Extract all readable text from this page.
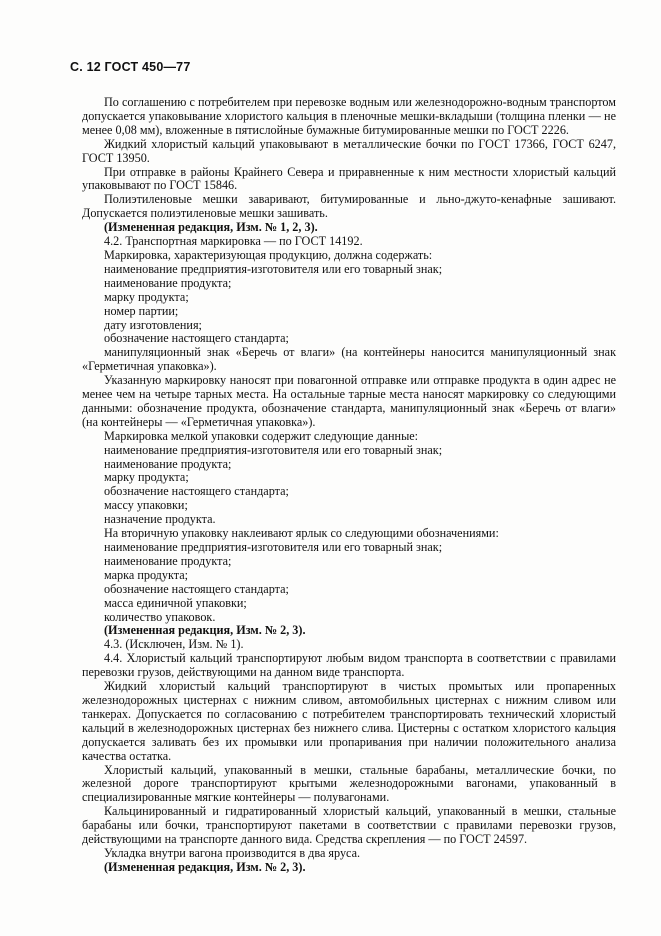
С. 12 ГОСТ 450—77

По соглашению с потребителем при перевозке водным или железнодорожно-водным транспортом допускается упаковывание хлористого кальция в пленочные мешки-вкладыши (толщина пленки — не менее 0,08 мм), вложенные в пятислойные бумажные битумированные мешки по ГОСТ 2226.

Жидкий хлористый кальций упаковывают в металлические бочки по ГОСТ 17366, ГОСТ 6247, ГОСТ 13950.

При отправке в районы Крайнего Севера и приравненные к ним местности хлористый кальций упаковывают по ГОСТ 15846.

Полиэтиленовые мешки заваривают, битумированные и льно-джуто-кенафные зашивают. Допускается полиэтиленовые мешки зашивать.

(Измененная редакция, Изм. № 1, 2, 3).

4.2. Транспортная маркировка — по ГОСТ 14192.

Маркировка, характеризующая продукцию, должна содержать:

наименование предприятия-изготовителя или его товарный знак;

наименование продукта;

марку продукта;

номер партии;

дату изготовления;

обозначение настоящего стандарта;

манипуляционный знак «Беречь от влаги» (на контейнеры наносится манипуляционный знак «Герметичная упаковка»).

Указанную маркировку наносят при повагонной отправке или отправке продукта в один адрес не менее чем на четыре тарных места. На остальные тарные места наносят маркировку со следующими данными: обозначение продукта, обозначение стандарта, манипуляционный знак «Беречь от влаги» (на контейнеры — «Герметичная упаковка»).

Маркировка мелкой упаковки содержит следующие данные:

наименование предприятия-изготовителя или его товарный знак;

наименование продукта;

марку продукта;

обозначение настоящего стандарта;

массу упаковки;

назначение продукта.

На вторичную упаковку наклеивают ярлык со следующими обозначениями:

наименование предприятия-изготовителя или его товарный знак;

наименование продукта;

марка продукта;

обозначение настоящего стандарта;

масса единичной упаковки;

количество упаковок.

(Измененная редакция, Изм. № 2, 3).

4.3. (Исключен, Изм. № 1).

4.4. Хлористый кальций транспортируют любым видом транспорта в соответствии с правилами перевозки грузов, действующими на данном виде транспорта.

Жидкий хлористый кальций транспортируют в чистых промытых или пропаренных железнодорожных цистернах с нижним сливом, автомобильных цистернах с нижним сливом или танкерах. Допускается по согласованию с потребителем транспортировать технический хлористый кальций в железнодорожных цистернах без нижнего слива. Цистерны с остатком хлористого кальция допускается заливать без их промывки или пропаривания при наличии положительного анализа качества остатка.

Хлористый кальций, упакованный в мешки, стальные барабаны, металлические бочки, по железной дороге транспортируют крытыми железнодорожными вагонами, упакованный в специализированные мягкие контейнеры — полувагонами.

Кальцинированный и гидратированный хлористый кальций, упакованный в мешки, стальные барабаны или бочки, транспортируют пакетами в соответствии с правилами перевозки грузов, действующими на транспорте данного вида. Средства скрепления — по ГОСТ 24597.

Укладка внутри вагона производится в два яруса.

(Измененная редакция, Изм. № 2, 3).
